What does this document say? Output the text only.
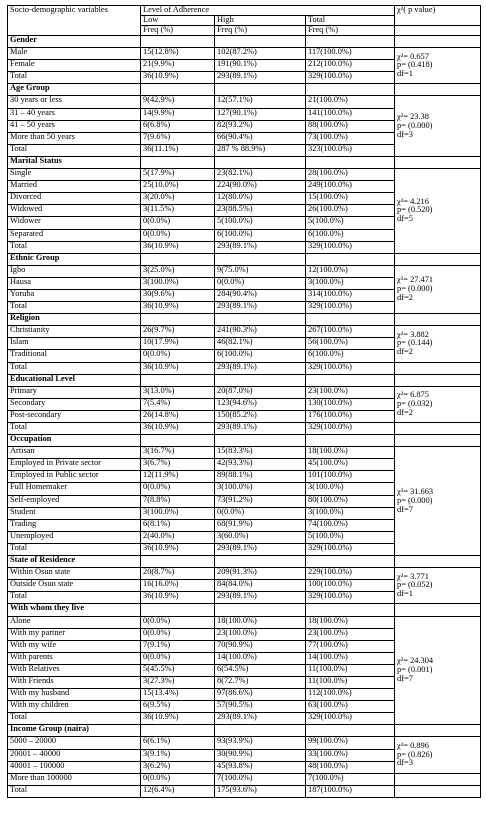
Socio-demographic variables	Level of Adherence			χ²( p value)
	Low	High	Total	
	Freq (%)	Freq (%)	Freq (%)	
Gender				
Male	15(12.8%)	102(87.2%)	117(100.0%)	χ²= 0.657
p= (0.418)
df=1

Female	21(9.9%)	191(90.1%)	212(100.0%)	
Total	36(10.9%)	293(89.1%)	329(100.0%)	
Age Group				
30 years or less	9(42.9%)	12(57.1%)	21(100.0%)	χ²= 23.38
p= (0.000)
df=3

31 – 40 years	14(9.9%)	127(90.1%)	141(100.0%)	
41 – 50 years	6(6.8%)	82(93.2%)	88(100.0%)	
More than 50 years	7(9.6%)	66(90.4%)	73(100.0%)	
Total	36(11.1%)	287 % 88.9%)	323(100.0%)	
Marital Status				
Single	5(17.9%)	23(82.1%)	28(100.0%)	χ²= 4.216
p= (0.520)
df=5

Married	25(10.0%)	224(90.0%)	249(100.0%)	
Divorced	3(20.0%)	12(80.0%)	15(100.0%)	
Widowed	3(11.5%)	23(88.5%)	26(100.0%)	
Widower	0(0.0%)	5(100.0%)	5(100.0%)	
Separated	0(0.0%)	6(100.0%)	6(100.0%)	
Total	36(10.9%)	293(89.1%)	329(100.0%)	
Ethnic Group				
Igbo	3(25.0%)	9(75.0%)	12(100.0%)	χ²= 27.471
p= (0.000)
df=2

Hausa	3(100.0%)	0(0.0%)	3(100.0%)	
Yoruba	30(9.6%)	284(90.4%)	314(100.0%)	
Total	36(10.9%)	293(89.1%)	329(100.0%)	
Religion				
Christianity	26(9.7%)	241(90.3%)	267(100.0%)	χ²= 3.882
p= (0.144)
df=2

Islam	10(17.9%)	46(82.1%)	56(100.0%)	
Traditional	0(0.0%)	6(100.0%)	6(100.0%)	
Total	36(10.9%)	293(89.1%)	329(100.0%)	
Educational Level				
Primary	3(13.0%)	20(87.0%)	23(100.0%)	χ²= 6.875
p= (0.032)
df=2

Secondary	7(5.4%)	123(94.6%)	130(100.0%)	
Post-secondary	26(14.8%)	150(85.2%)	176(100.0%)	
Total	36(10.9%)	293(89.1%)	329(100.0%)	
Occupation				
Artisan	3(16.7%)	15(83.3%)	18(100.0%)	χ²= 31.663
p= (0.000)
df=7

Employed in Private sector	3(6.7%)	42(93.3%)	45(100.0%)	
Employed in Public sector	12(11.9%)	89(88.1%)	101(100.0%)	
Full Homemaker	0(0.0%)	3(100.0%)	3(100.0%)	
Self-employed	7(8.8%)	73(91.2%)	80(100.0%)	
Student	3(100.0%)	0(0.0%)	3(100.0%)	
Trading	6(8.1%)	68(91.9%)	74(100.0%)	
Unemployed	2(40.0%)	3(60.0%)	5(100.0%)	
Total	36(10.9%)	293(89.1%)	329(100.0%)	
State of Residence				
Within Osun state	20(8.7%)	209(91.3%)	229(100.0%)	χ²= 3.771
p= (0.052)
df=1

Outside Osun state	16(16.0%)	84(84.0%)	100(100.0%)	
Total	36(10.9%)	293(89.1%)	329(100.0%)	
With whom they live				
Alone	0(0.0%)	18(100.0%)	18(100.0%)	χ²= 24.304
p= (0.001)
df=7

With my partner	0(0.0%)	23(100.0%)	23(100.0%)	
With my wife	7(9.1%)	70(90.9%)	77(100.0%)	
With parents	0(0.0%)	14(100.0%)	14(100.0%)	
With Relatives	5(45.5%)	6(54.5%)	11(100.0%)	
With Friends	3(27.3%)	8(72.7%)	11(100.0%)	
With my husband	15(13.4%)	97(86.6%)	112(100.0%)	
With my children	6(9.5%)	57(90.5%)	63(100.0%)	
Total	36(10.9%)	293(89.1%)	329(100.0%)	
Income Group (naira)				
5000 – 20000	6(6.1%)	93(93.9%)	99(100.0%)	χ²= 0.896
p= (0.826)
df=3

20001 – 40000	3(9.1%)	30(90.9%)	33(100.0%)	
40001 – 100000	3(6.2%)	45(93.8%)	48(100.0%)	
More than 100000	0(0.0%)	7(100.0%)	7(100.0%)	
Total	12(6.4%)	175(93.6%)	187(100.0%)	
